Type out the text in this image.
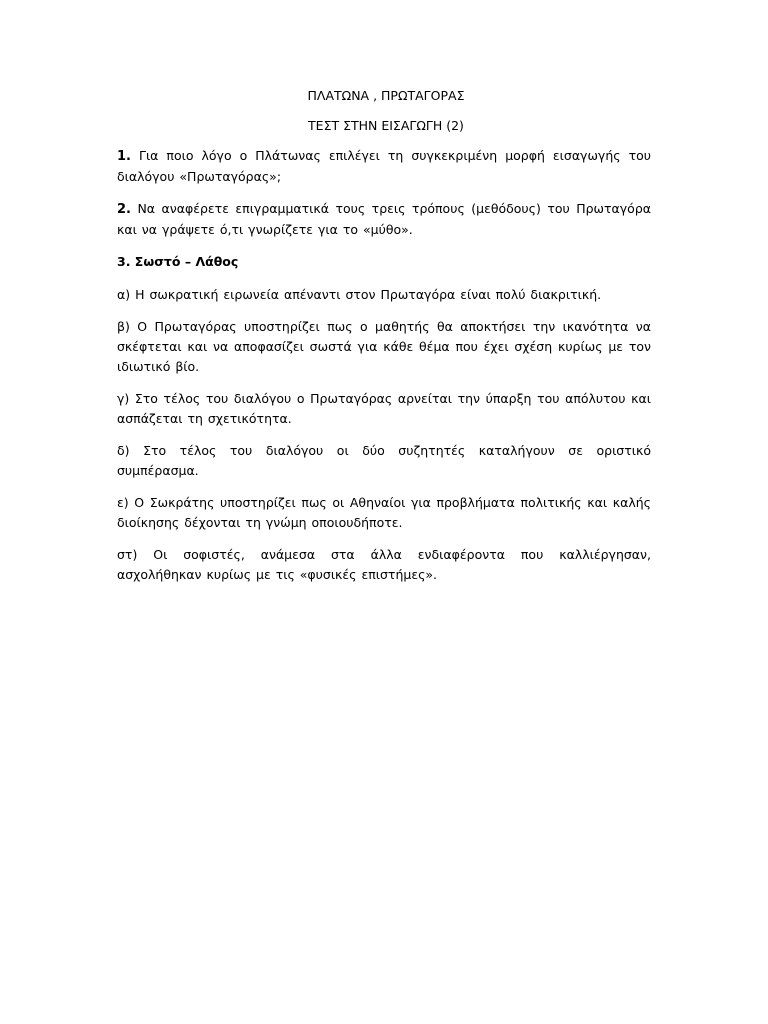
ΠΛΑΤΩΝΑ , ΠΡΩΤΑΓΟΡΑΣ
ΤΕΣΤ ΣΤΗΝ ΕΙΣΑΓΩΓΗ (2)

1. Για ποιο λόγο ο Πλάτωνας επιλέγει τη συγκεκριμένη μορφή εισαγωγής του διαλόγου «Πρωταγόρας»;

2. Να αναφέρετε επιγραμματικά τους τρεις τρόπους (μεθόδους) του Πρωταγόρα και να γράψετε ό,τι γνωρίζετε για το «μύθο».

3. Σωστό – Λάθος

α) Η σωκρατική ειρωνεία απέναντι στον Πρωταγόρα είναι πολύ διακριτική.

β) Ο Πρωταγόρας υποστηρίζει πως ο μαθητής θα αποκτήσει την ικανότητα να σκέφτεται και να αποφασίζει σωστά για κάθε θέμα που έχει σχέση κυρίως με τον ιδιωτικό βίο.

γ) Στο τέλος του διαλόγου ο Πρωταγόρας αρνείται την ύπαρξη του απόλυτου και ασπάζεται τη σχετικότητα.

δ) Στο τέλος του διαλόγου οι δύο συζητητές καταλήγουν σε οριστικό συμπέρασμα.

ε) Ο Σωκράτης υποστηρίζει πως οι Αθηναίοι για προβλήματα πολιτικής και καλής διοίκησης δέχονται τη γνώμη οποιουδήποτε.

στ) Οι σοφιστές, ανάμεσα στα άλλα ενδιαφέροντα που καλλιέργησαν, ασχολήθηκαν κυρίως με τις «φυσικές επιστήμες».
